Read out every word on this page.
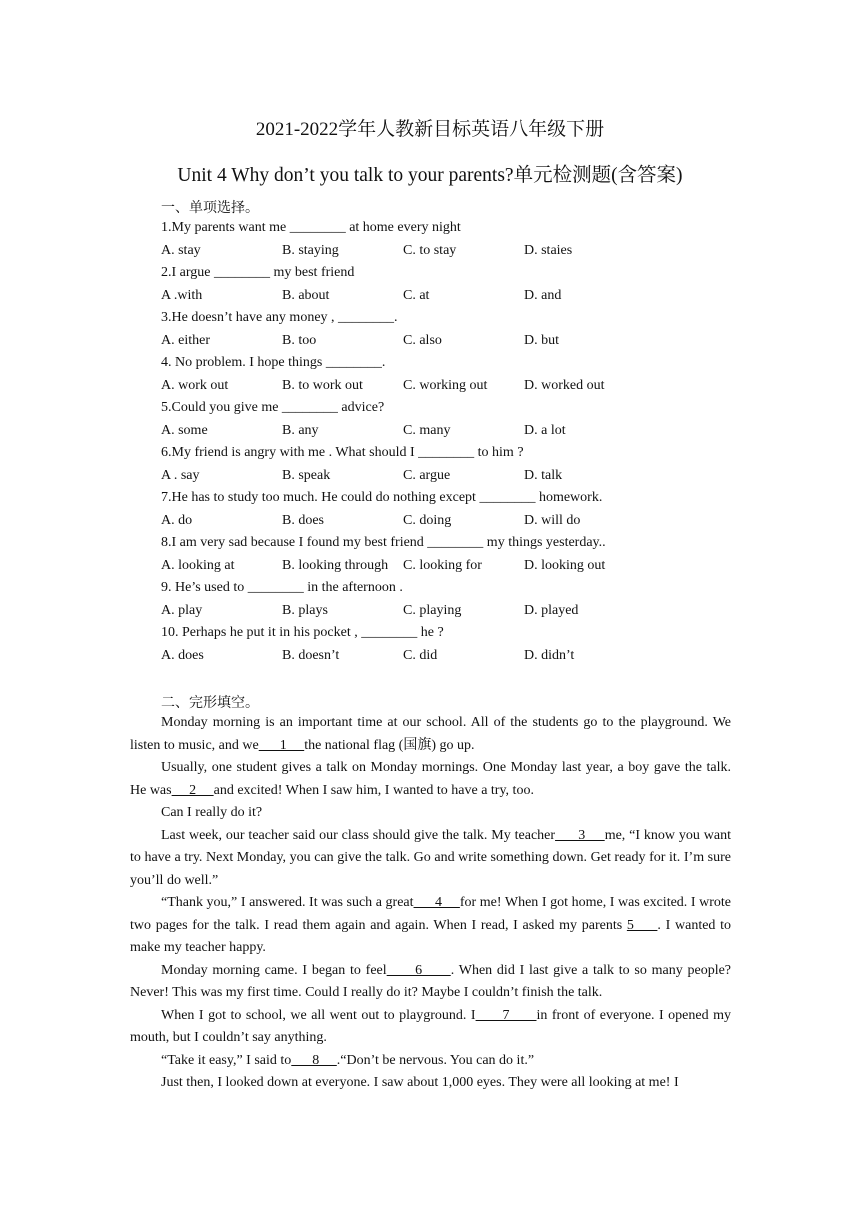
2021-2022学年人教新目标英语八年级下册
Unit 4 Why don’t you talk to your parents?单元检测题(含答案)
一、单项选择。
1.My parents want me ________ at home every night
A. stay	B. staying	C. to stay	D. staies
2.I argue ________ my best friend
A .with	B. about	C. at	D. and
3.He doesn’t have any money , ________.
A. either	B. too	C. also	D. but
4. No problem. I hope things ________.
A. work out	B. to work out	C. working out	D. worked out
5.Could you give me ________ advice?
A. some	B. any	C. many	D. a lot
6.My friend is angry with me . What should I ________ to him ?
A . say	B. speak	C. argue	D. talk
7.He has to study too much. He could do nothing except ________ homework.
A. do	B. does	C. doing	D. will do
8.I am very sad because I found my best friend ________ my things yesterday..
A. looking at	B. looking through C. looking for	D. looking out
9. He’s used to ________ in the afternoon .
A. play	B. plays	C. playing	D. played
10. Perhaps he put it in his pocket , ________ he ?
A. does	B. doesn’t	C. did	D. didn’t
二、完形填空。

Monday morning is an important time at our school. All of the students go to the playground. We listen to music, and we      1     the national flag (国旗) go up.

Usually, one student gives a talk on Monday mornings. One Monday last year, a boy gave the talk. He was     2     and excited! When I saw him, I wanted to have a try, too.

Can I really do it?

Last week, our teacher said our class should give the talk. My teacher      3     me, “I know you want to have a try. Next Monday, you can give the talk. Go and write something down. Get ready for it. I’m sure you’ll do well.”

“Thank you,” I answered. It was such a great      4     for me! When I got home, I was excited. I wrote two pages for the talk. I read them again and again. When I read, I asked my parents 5     . I wanted to make my teacher happy.

Monday morning came. I began to feel      6      . When did I last give a talk to so many people? Never! This was my first time. Could I really do it? Maybe I couldn’t finish the talk.

When I got to school, we all went out to playground. I      7      in front of everyone. I opened my mouth, but I couldn’t say anything.

“Take it easy,” I said to      8     .“Don’t be nervous. You can do it.”

Just then, I looked down at everyone. I saw about 1,000 eyes. They were all looking at me! I
